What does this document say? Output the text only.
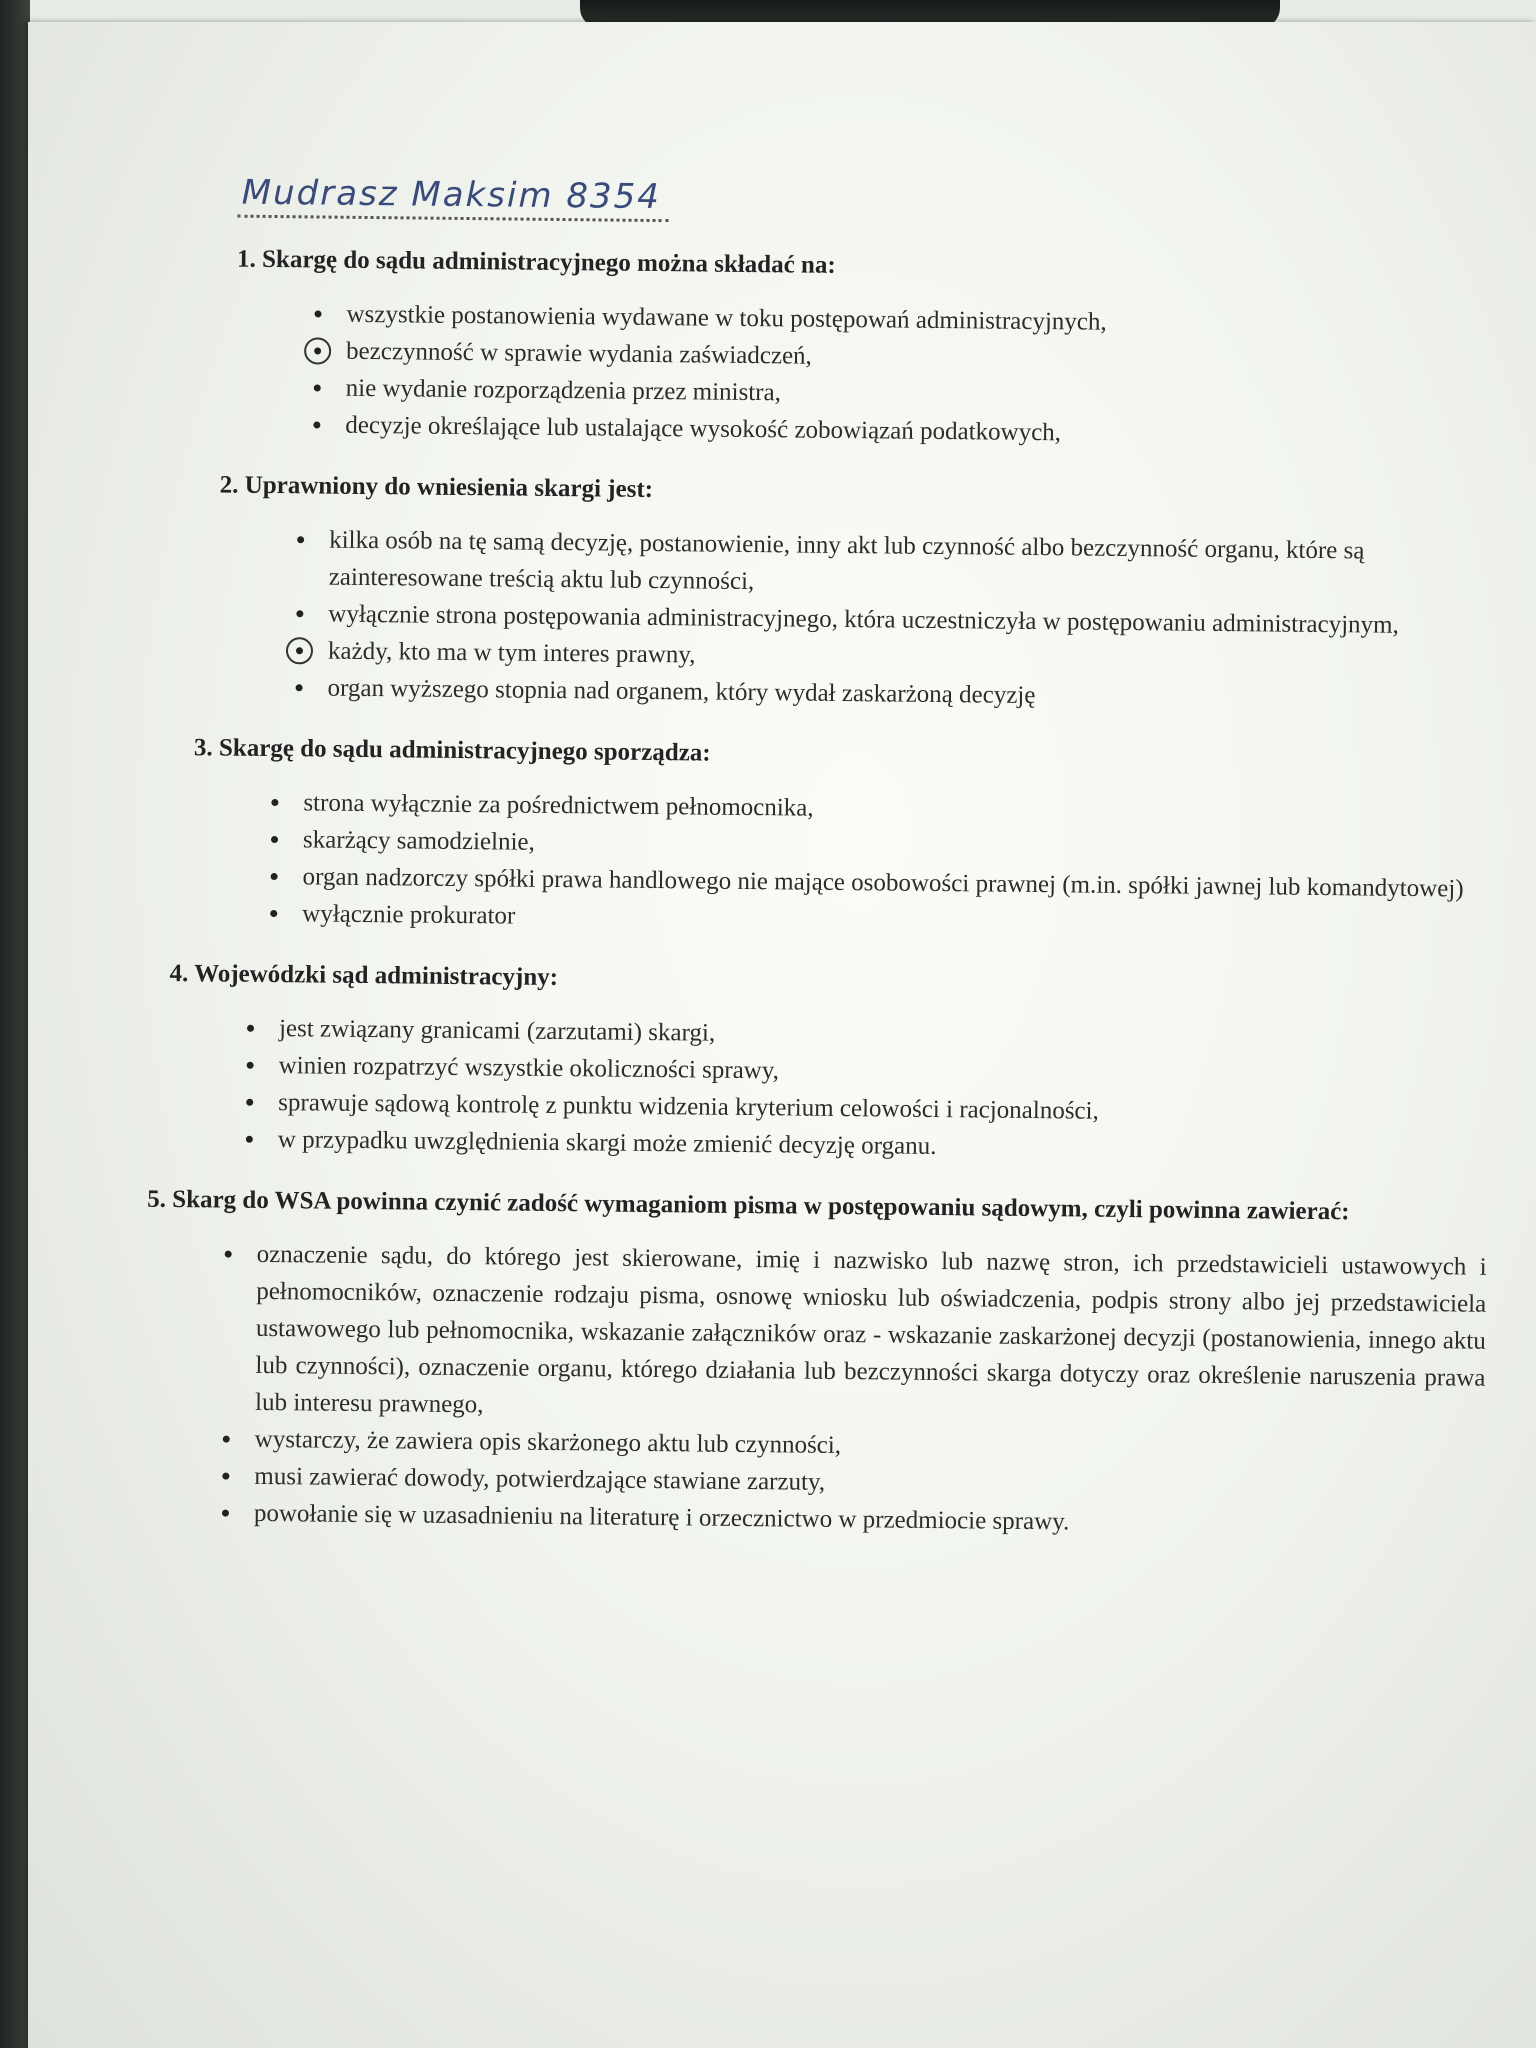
Mudrasz Maksim 8354

1. Skargę do sądu administracyjnego można składać na:

wszystkie postanowienia wydawane w toku postępowań administracyjnych,
bezczynność w sprawie wydania zaświadczeń,
nie wydanie rozporządzenia przez ministra,
decyzje określające lub ustalające wysokość zobowiązań podatkowych,

2. Uprawniony do wniesienia skargi jest:

kilka osób na tę samą decyzję, postanowienie, inny akt lub czynność albo bezczynność organu, które są zainteresowane treścią aktu lub czynności,
wyłącznie strona postępowania administracyjnego, która uczestniczyła w postępowaniu administracyjnym,
każdy, kto ma w tym interes prawny,
organ wyższego stopnia nad organem, który wydał zaskarżoną decyzję

3. Skargę do sądu administracyjnego sporządza:

strona wyłącznie za pośrednictwem pełnomocnika,
skarżący samodzielnie,
organ nadzorczy spółki prawa handlowego nie mające osobowości prawnej (m.in. spółki jawnej lub komandytowej)
wyłącznie prokurator

4. Wojewódzki sąd administracyjny:

jest związany granicami (zarzutami) skargi,
winien rozpatrzyć wszystkie okoliczności sprawy,
sprawuje sądową kontrolę z punktu widzenia kryterium celowości i racjonalności,
w przypadku uwzględnienia skargi może zmienić decyzję organu.

5. Skarg do WSA powinna czynić zadość wymaganiom pisma w postępowaniu sądowym, czyli powinna zawierać:

oznaczenie sądu, do którego jest skierowane, imię i nazwisko lub nazwę stron, ich przedstawicieli ustawowych i pełnomocników, oznaczenie rodzaju pisma, osnowę wniosku lub oświadczenia, podpis strony albo jej przedstawiciela ustawowego lub pełnomocnika, wskazanie załączników oraz - wskazanie zaskarżonej decyzji (postanowienia, innego aktu lub czynności), oznaczenie organu, którego działania lub bezczynności skarga dotyczy oraz określenie naruszenia prawa lub interesu prawnego,
wystarczy, że zawiera opis skarżonego aktu lub czynności,
musi zawierać dowody, potwierdzające stawiane zarzuty,
powołanie się w uzasadnieniu na literaturę i orzecznictwo w przedmiocie sprawy.
